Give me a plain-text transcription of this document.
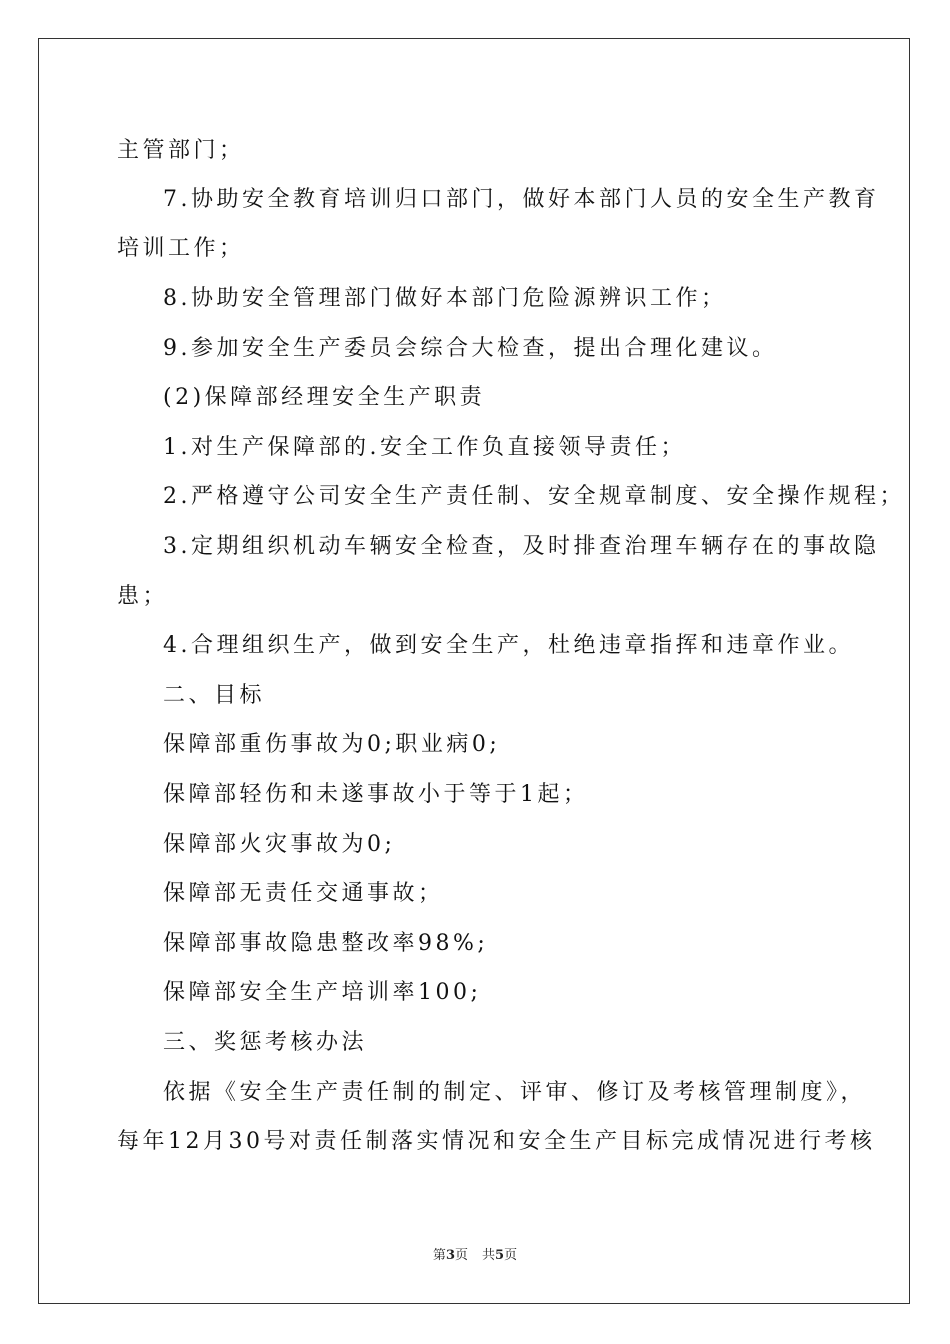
主管部门；
7.协助安全教育培训归口部门，做好本部门人员的安全生产教育
培训工作；
8.协助安全管理部门做好本部门危险源辨识工作；
9.参加安全生产委员会综合大检查，提出合理化建议。
(2)保障部经理安全生产职责
1.对生产保障部的.安全工作负直接领导责任；
2.严格遵守公司安全生产责任制、安全规章制度、安全操作规程；
3.定期组织机动车辆安全检查，及时排查治理车辆存在的事故隐
患；
4.合理组织生产，做到安全生产，杜绝违章指挥和违章作业。
二、目标
保障部重伤事故为0;职业病0;
保障部轻伤和未遂事故小于等于1起；
保障部火灾事故为0;
保障部无责任交通事故；
保障部事故隐患整改率98%;
保障部安全生产培训率100;
三、奖惩考核办法
依据《安全生产责任制的制定、评审、修订及考核管理制度》，
每年12月30号对责任制落实情况和安全生产目标完成情况进行考核
第3页 共5页
